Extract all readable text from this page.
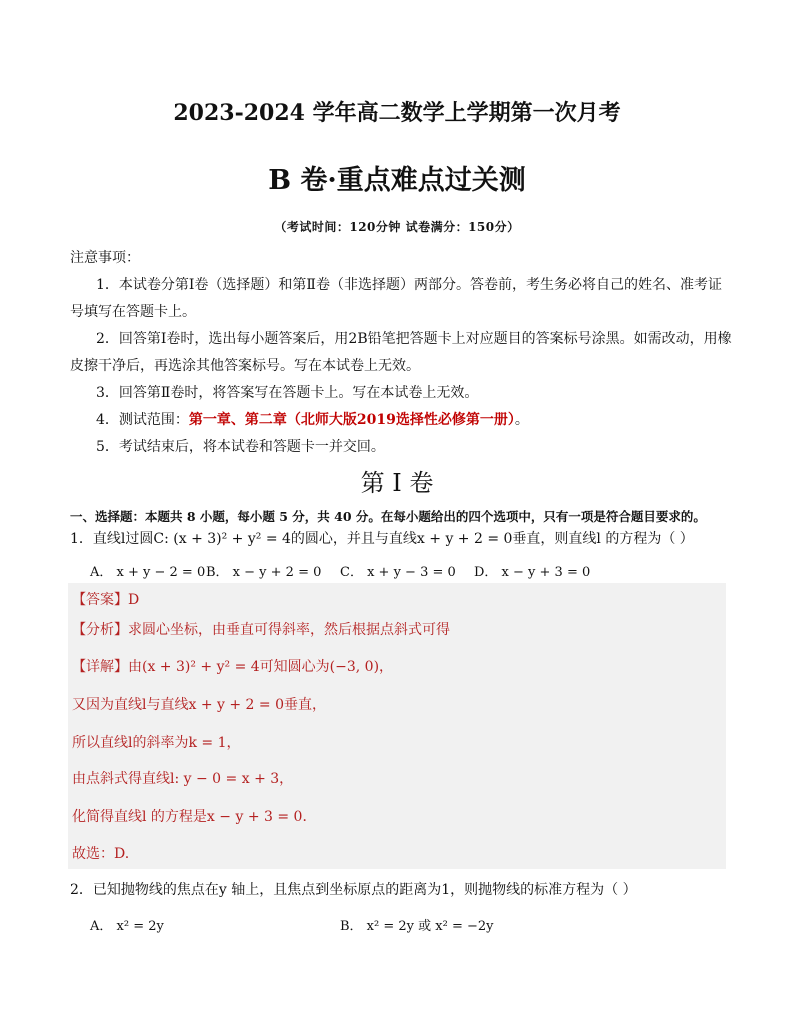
2023-2024 学年高二数学上学期第一次月考
B 卷·重点难点过关测
（考试时间：120分钟 试卷满分：150分）
注意事项：
1．本试卷分第Ⅰ卷（选择题）和第Ⅱ卷（非选择题）两部分。答卷前，考生务必将自己的姓名、准考证
号填写在答题卡上。
2．回答第Ⅰ卷时，选出每小题答案后，用2B铅笔把答题卡上对应题目的答案标号涂黑。如需改动，用橡
皮擦干净后，再选涂其他答案标号。写在本试卷上无效。
3．回答第Ⅱ卷时，将答案写在答题卡上。写在本试卷上无效。
4．测试范围：第一章、第二章（北师大版2019选择性必修第一册）。
5．考试结束后，将本试卷和答题卡一并交回。
第 I 卷
一、选择题：本题共 8 小题，每小题 5 分，共 40 分。在每小题给出的四个选项中，只有一项是符合题目要求的。
1．直线l过圆C: (x + 3)² + y² = 4的圆心，并且与直线x + y + 2 = 0垂直，则直线l 的方程为（ ）
A． x + y − 2 = 0 B． x − y + 2 = 0 C． x + y − 3 = 0 D． x − y + 3 = 0
【答案】D
【分析】求圆心坐标，由垂直可得斜率，然后根据点斜式可得
【详解】由(x + 3)² + y² = 4可知圆心为(−3, 0)，
又因为直线l与直线x + y + 2 = 0垂直，
所以直线l的斜率为k = 1，
由点斜式得直线l: y − 0 = x + 3，
化简得直线l 的方程是x − y + 3 = 0．
故选：D.
2．已知抛物线的焦点在y 轴上，且焦点到坐标原点的距离为1，则抛物线的标准方程为（ ）
A． x² = 2y	B． x² = 2y 或 x² = −2y
